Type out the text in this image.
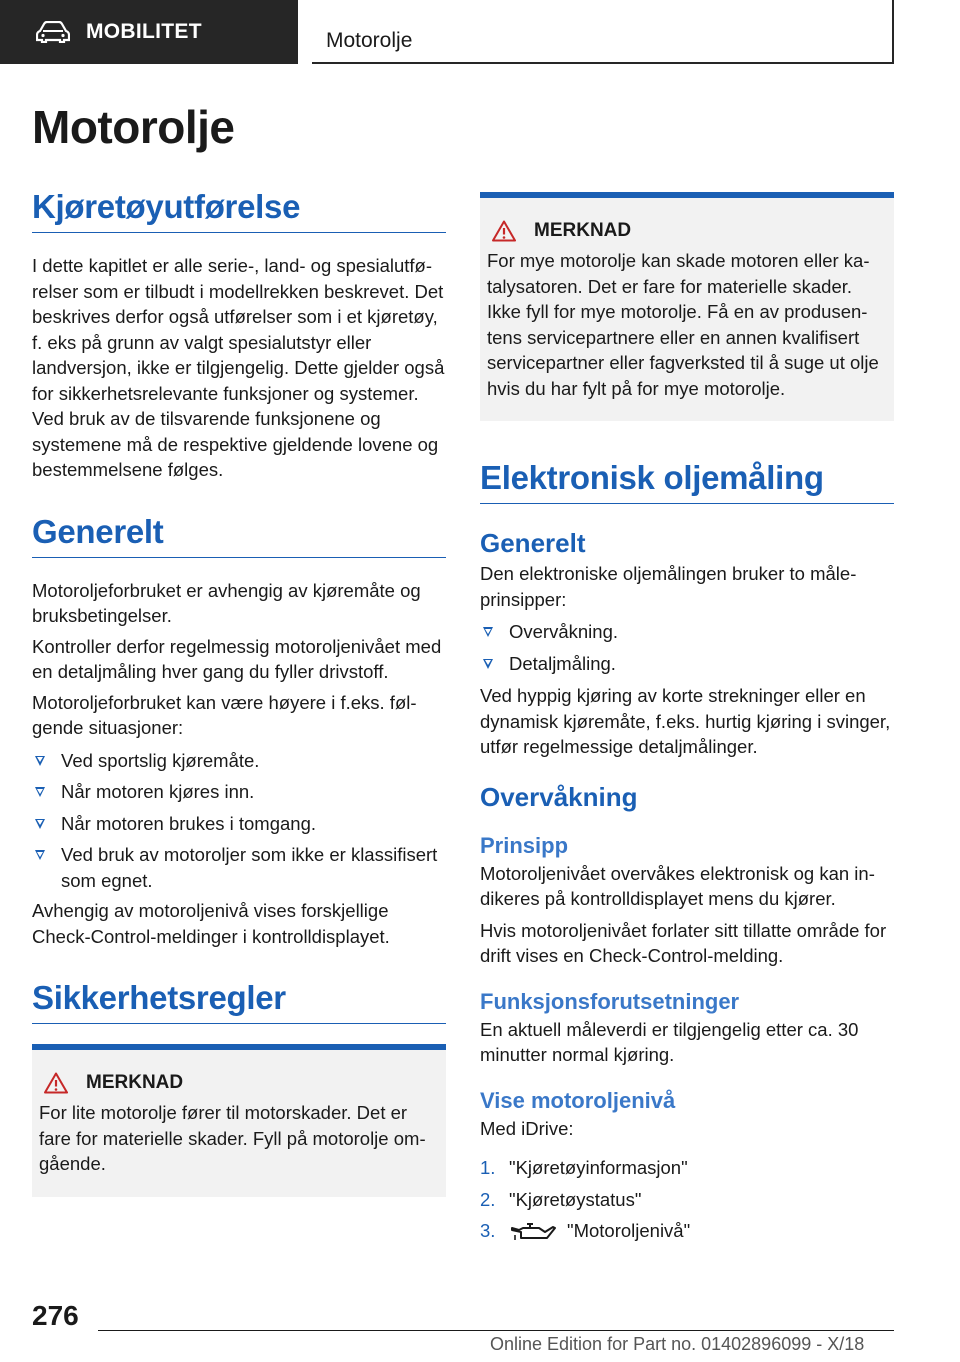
MOBILITET	Motorolje
Motorolje
Kjøretøyutførelse

I dette kapitlet er alle serie-, land- og spesialutførelser som er tilbudt i modellrekken beskrevet. Det beskrives derfor også utførelser som i et kjøretøy, f. eks på grunn av valgt spesialutstyr eller landversjon, ikke er tilgjengelig. Dette gjelder også for sikkerhetsrelevante funksjoner og systemer. Ved bruk av de tilsvarende funksjonene og systemene må de respektive gjeldende lovene og bestemmelsene følges.

Generelt

Motoroljeforbruket er avhengig av kjøremåte og bruksbetingelser.

Kontroller derfor regelmessig motoroljenivået med en detaljmåling hver gang du fyller drivstoff.

Motoroljeforbruket kan være høyere i f.eks. følgende situasjoner:

Ved sportslig kjøremåte.
Når motoren kjøres inn.
Når motoren brukes i tomgang.
Ved bruk av motoroljer som ikke er klassifisert som egnet.

Avhengig av motoroljenivå vises forskjellige Check-Control-meldinger i kontrolldisplayet.

Sikkerhetsregler
MERKNAD

For lite motorolje fører til motorskader. Det er fare for materielle skader. Fyll på motorolje omgående.

MERKNAD

For mye motorolje kan skade motoren eller katalysatoren. Det er fare for materielle skader. Ikke fyll for mye motorolje. Få en av produsentens servicepartnere eller en annen kvalifisert servicepartner eller fagverksted til å suge ut olje hvis du har fylt på for mye motorolje.

Elektronisk oljemåling
Generelt

Den elektroniske oljemålingen bruker to måleprinsipper:

Overvåkning.
Detaljmåling.

Ved hyppig kjøring av korte strekninger eller en dynamisk kjøremåte, f.eks. hurtig kjøring i svinger, utfør regelmessige detaljmålinger.

Overvåkning
Prinsipp

Motoroljenivået overvåkes elektronisk og kan indikeres på kontrolldisplayet mens du kjører.

Hvis motoroljenivået forlater sitt tillatte område for drift vises en Check-Control-melding.

Funksjonsforutsetninger

En aktuell måleverdi er tilgjengelig etter ca. 30 minutter normal kjøring.

Vise motoroljenivå

Med iDrive:

1. "Kjøretøyinformasjon"
2. "Kjøretøystatus"
3.	"Motoroljenivå"
276
Online Edition for Part no. 01402896099 - X/18
